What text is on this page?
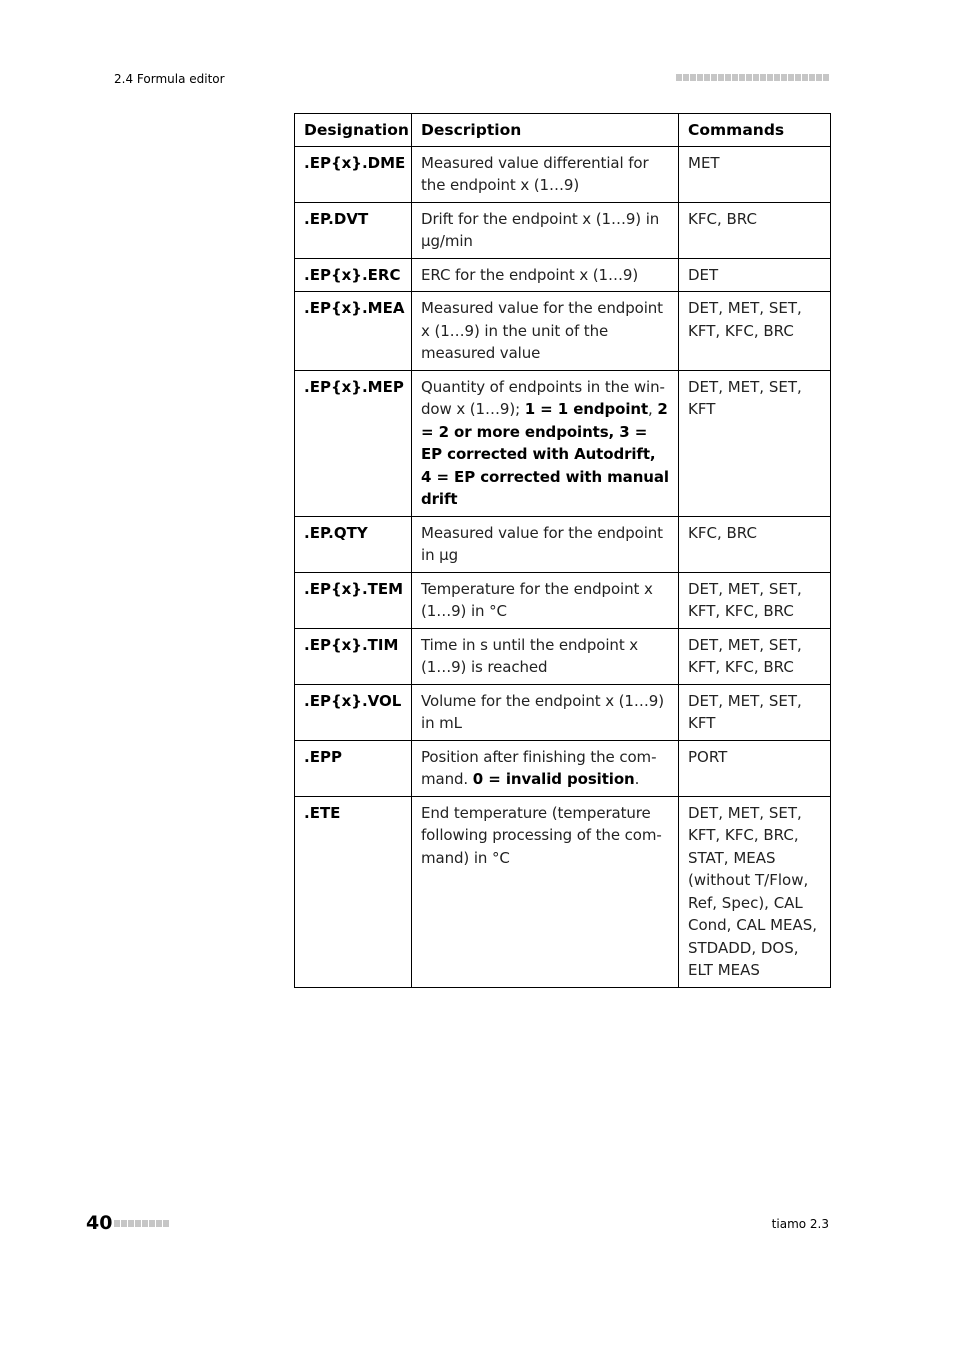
2.4 Formula editor
Designation	Description	Commands
.EP{x}.DME	Measured value differential for the endpoint x (1…9)	MET
.EP.DVT	Drift for the endpoint x (1…9) in µg/min	KFC, BRC
.EP{x}.ERC	ERC for the endpoint x (1…9)	DET
.EP{x}.MEA	Measured value for the endpoint x (1…9) in the unit of the measured value	DET, MET, SET, KFT, KFC, BRC
.EP{x}.MEP	Quantity of endpoints in the window x (1…9); 1 = 1 endpoint, 2 = 2 or more endpoints, 3 = EP corrected with Autodrift, 4 = EP corrected with manual drift	DET, MET, SET, KFT
.EP.QTY	Measured value for the endpoint in µg	KFC, BRC
.EP{x}.TEM	Temperature for the endpoint x (1…9) in °C	DET, MET, SET, KFT, KFC, BRC
.EP{x}.TIM	Time in s until the endpoint x (1…​9) is reached	DET, MET, SET, KFT, KFC, BRC
.EP{x}.VOL	Volume for the endpoint x (1…9) in mL	DET, MET, SET, KFT
.EPP	Position after finishing the command. 0 = invalid position.	PORT
.ETE	End temperature (temperature following processing of the command) in °C	DET, MET, SET, KFT, KFC, BRC, STAT, MEAS (without T/Flow, Ref, Spec), CAL Cond, CAL MEAS, STDADD, DOS, ELT MEAS
40	tiamo 2.3
